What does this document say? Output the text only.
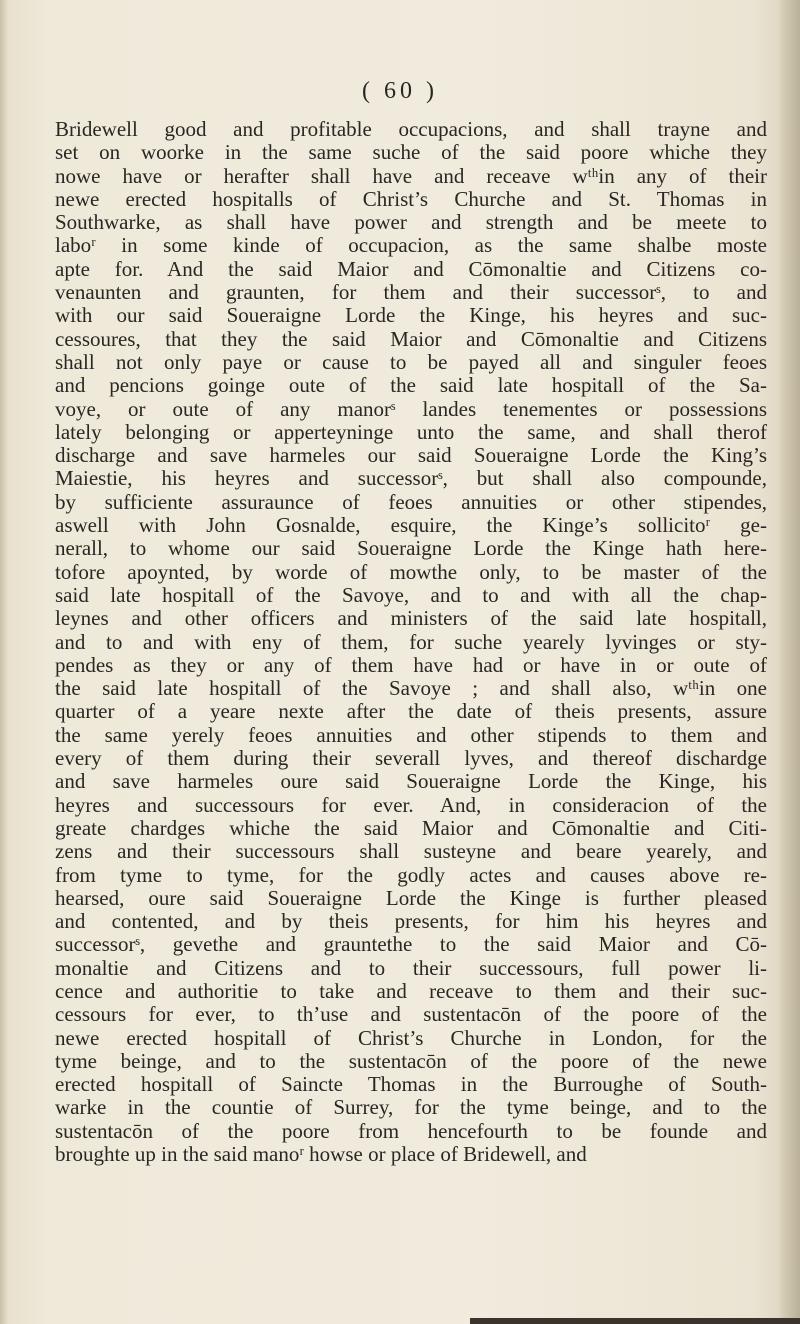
( 60 )
Bridewell good and profitable occupacions, and shall trayne and
set on woorke in the same suche of the said poore whiche they
nowe have or herafter shall have and receave wᵗʰin any of their
newe erected hospitalls of Christ’s Churche and St. Thomas in
Southwarke, as shall have power and strength and be meete to
laboʳ in some kinde of occupacion, as the same shalbe moste
apte for. And the said Maior and Cōmonaltie and Citizens co-
venaunten and graunten, for them and their successorˢ, to and
with our said Soueraigne Lorde the Kinge, his heyres and suc-
cessoures, that they the said Maior and Cōmonaltie and Citizens
shall not only paye or cause to be payed all and singuler feoes
and pencions goinge oute of the said late hospitall of the Sa-
voye, or oute of any manorˢ landes tenementes or possessions
lately belonging or apperteyninge unto the same, and shall therof
discharge and save harmeles our said Soueraigne Lorde the King’s
Maiestie, his heyres and successorˢ, but shall also compounde,
by sufficiente assuraunce of feoes annuities or other stipendes,
aswell with John Gosnalde, esquire, the Kinge’s sollicitoʳ ge-
nerall, to whome our said Soueraigne Lorde the Kinge hath here-
tofore apoynted, by worde of mowthe only, to be master of the
said late hospitall of the Savoye, and to and with all the chap-
leynes and other officers and ministers of the said late hospitall,
and to and with eny of them, for suche yearely lyvinges or sty-
pendes as they or any of them have had or have in or oute of
the said late hospitall of the Savoye ; and shall also, wᵗʰin one
quarter of a yeare nexte after the date of theis presents, assure
the same yerely feoes annuities and other stipends to them and
every of them during their severall lyves, and thereof dischardge
and save harmeles oure said Soueraigne Lorde the Kinge, his
heyres and successours for ever. And, in consideracion of the
greate chardges whiche the said Maior and Cōmonaltie and Citi-
zens and their successours shall susteyne and beare yearely, and
from tyme to tyme, for the godly actes and causes above re-
hearsed, oure said Soueraigne Lorde the Kinge is further pleased
and contented, and by theis presents, for him his heyres and
successorˢ, gevethe and grauntethe to the said Maior and Cō-
monaltie and Citizens and to their successours, full power li-
cence and authoritie to take and receave to them and their suc-
cessours for ever, to th’use and sustentacōn of the poore of the
newe erected hospitall of Christ’s Churche in London, for the
tyme beinge, and to the sustentacōn of the poore of the newe
erected hospitall of Saincte Thomas in the Burroughe of South-
warke in the countie of Surrey, for the tyme beinge, and to the
sustentacōn of the poore from hencefourth to be founde and
broughte up in the said manoʳ howse or place of Bridewell, and
